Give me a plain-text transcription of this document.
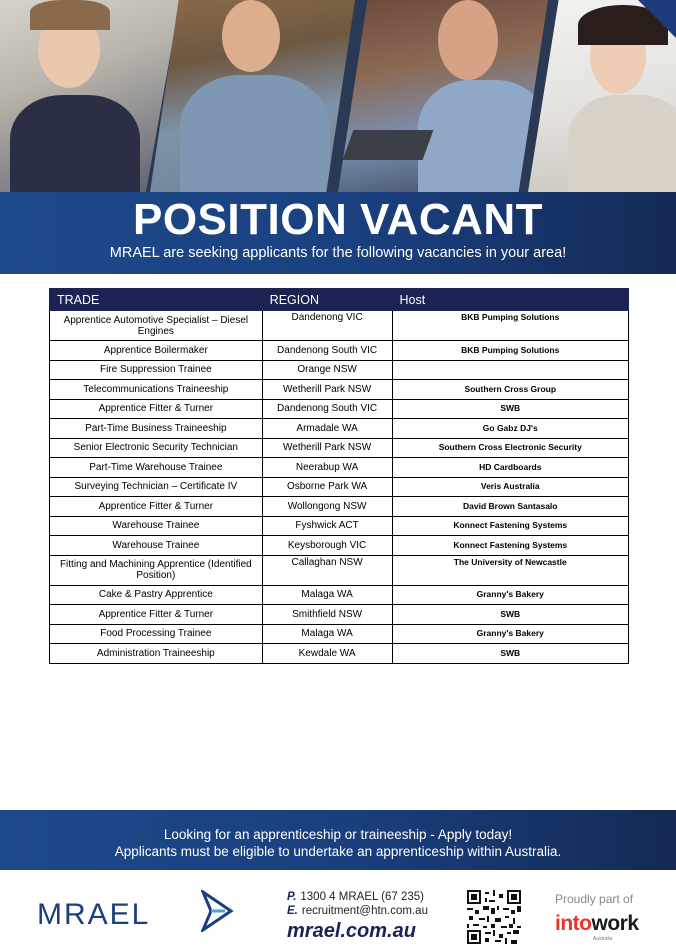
POSITION VACANT
MRAEL are seeking applicants for the following vacancies in your area!
TRADE	REGION	Host
Apprentice Automotive Specialist – Diesel Engines	Dandenong VIC	BKB Pumping Solutions
Apprentice Boilermaker	Dandenong South VIC	BKB Pumping Solutions
Fire Suppression Trainee	Orange NSW	
Telecommunications Traineeship	Wetherill Park NSW	Southern Cross Group
Apprentice Fitter & Turner	Dandenong South VIC	SWB
Part-Time Business Traineeship	Armadale WA	Go Gabz DJ's
Senior Electronic Security Technician	Wetherill Park NSW	Southern Cross Electronic Security
Part-Time Warehouse Trainee	Neerabup WA	HD Cardboards
Surveying Technician – Certificate IV	Osborne Park WA	Veris Australia
Apprentice Fitter & Turner	Wollongong NSW	David Brown Santasalo
Warehouse Trainee	Fyshwick ACT	Konnect Fastening Systems
Warehouse Trainee	Keysborough VIC	Konnect Fastening Systems
Fitting and Machining Apprentice (Identified Position)	Callaghan NSW	The University of Newcastle
Cake & Pastry Apprentice	Malaga WA	Granny's Bakery
Apprentice Fitter & Turner	Smithfield NSW	SWB
Food Processing Trainee	Malaga WA	Granny's Bakery
Administration Traineeship	Kewdale WA	SWB
Looking for an apprenticeship or traineeship - Apply today!
Applicants must be eligible to undertake an apprenticeship within Australia.
MRAEL
P. 1300 4 MRAEL (67 235)
E. recruitment@htn.com.au
mrael.com.au
Proudly part of
intowork
Australia
